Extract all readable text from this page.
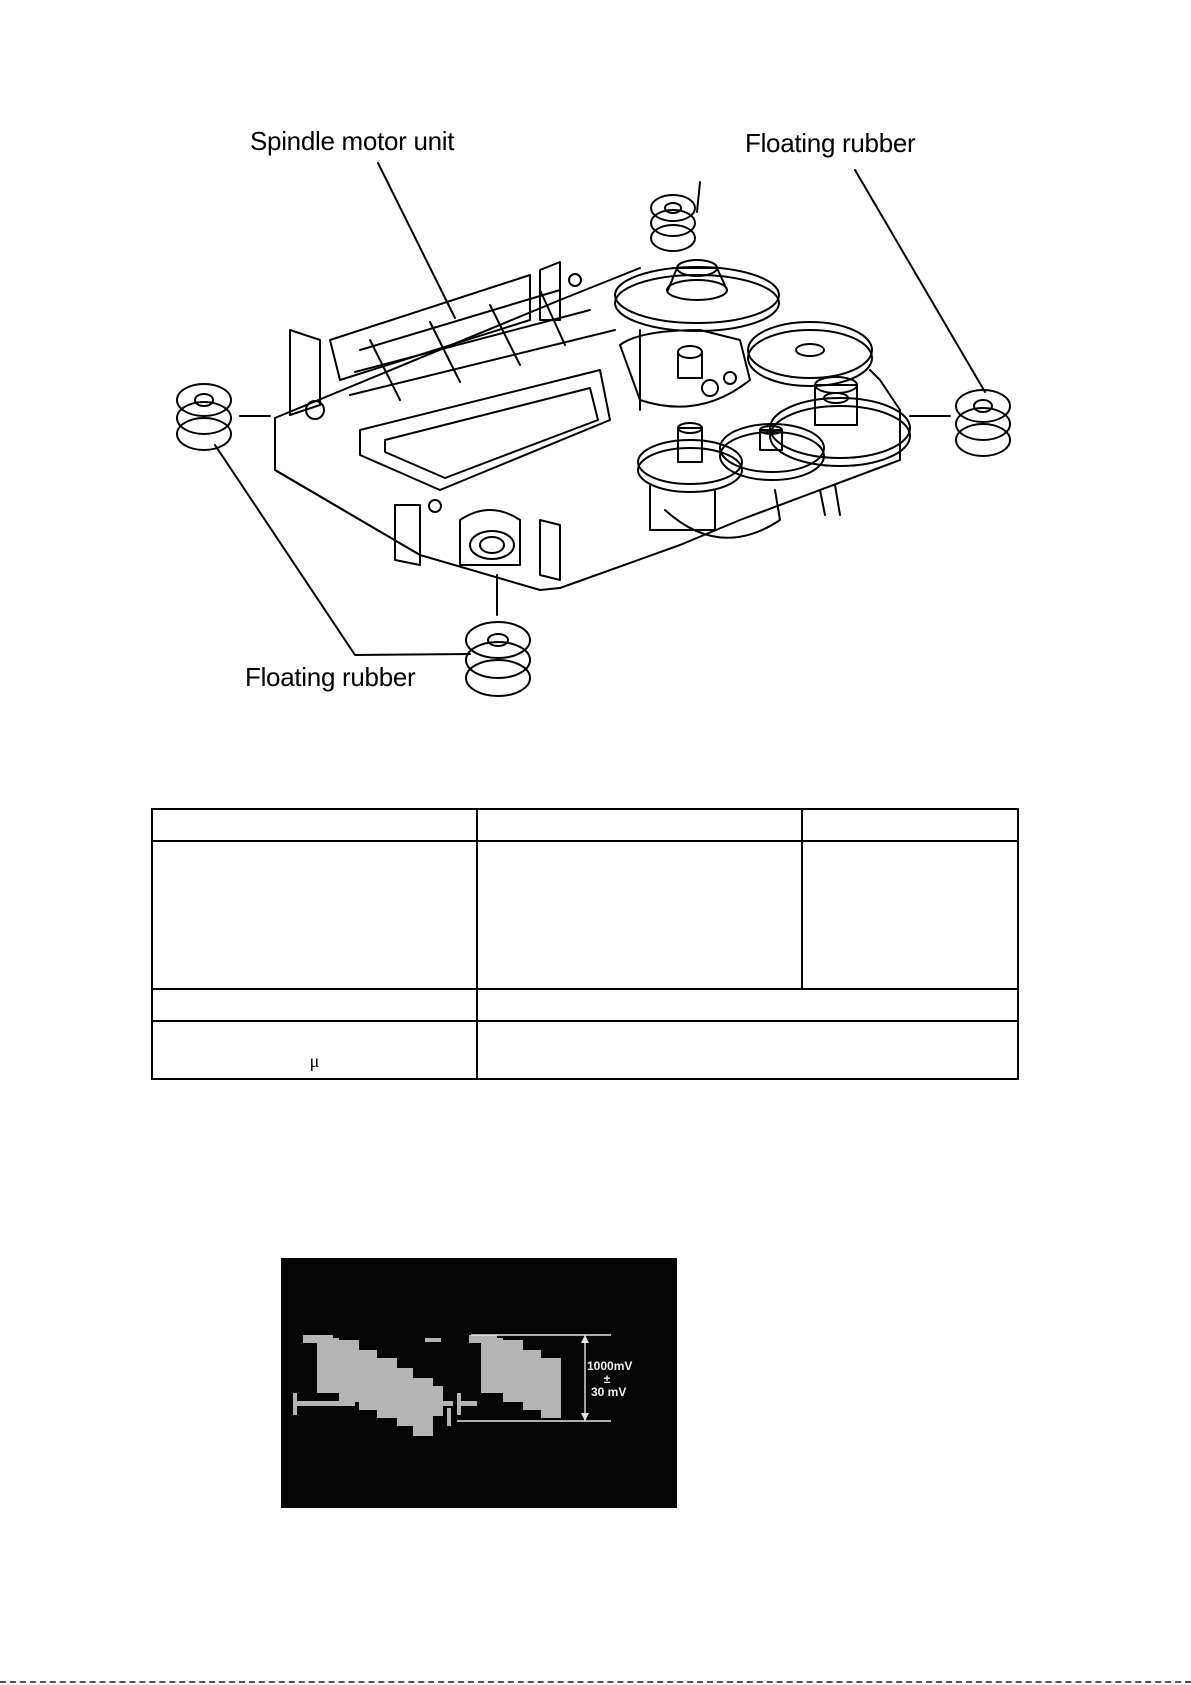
Spindle motor unit	Floating rubber
Floating rubber

μ		
1000mV
±
30 mV
